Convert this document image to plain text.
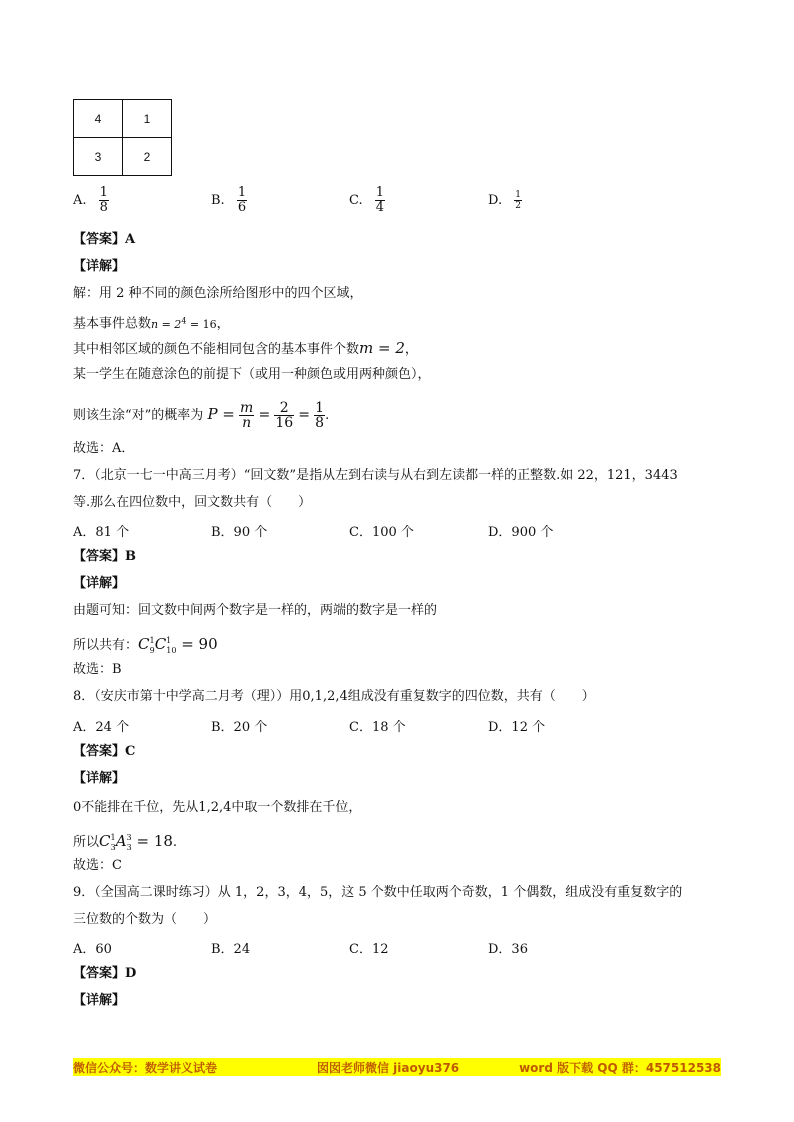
4	1
3	2
A. $\frac{1}{8}$	B. $\frac{1}{6}$	C. $\frac{1}{4}$	D. $\frac{1}{2}$
【答案】A
【详解】
解：用 2 种不同的颜色涂所给图形中的四个区域，
基本事件总数$n = 2^4 = 16$，
其中相邻区域的颜色不能相同包含的基本事件个数m = 2，
某一学生在随意涂色的前提下（或用一种颜色或用两种颜色），
则该生涂“对”的概率为 $P = \frac{m}{n} = \frac{2}{16} = \frac{1}{8}$ .
故选：A．
7．（北京一七一中高三月考）“回文数”是指从左到右读与从右到左读都一样的正整数.如 22，121，3443
等.那么在四位数中，回文数共有（　　）
A．81 个	B．90 个	C．100 个	D．900 个
【答案】B
【详解】
由题可知：回文数中间两个数字是一样的，两端的数字是一样的
所以共有：$C^1_9C^1_{10} = 90$
故选：B
8．（安庆市第十中学高二月考（理））用0,1,2,4组成没有重复数字的四位数，共有（　　）
A．24 个	B．20 个	C．18 个	D．12 个
【答案】C
【详解】
0不能排在千位，先从1,2,4中取一个数排在千位，
所以$C^1_3A^3_3 = 18$.
故选：C
9．（全国高二课时练习）从 1，2，3，4，5，这 5 个数中任取两个奇数，1 个偶数，组成没有重复数字的
三位数的个数为（　　）
A．60	B．24	C．12	D．36
【答案】D
【详解】
微信公众号：数学讲义试卷	囡囡老师微信 jiaoyu376	word 版下载 QQ 群：457512538
